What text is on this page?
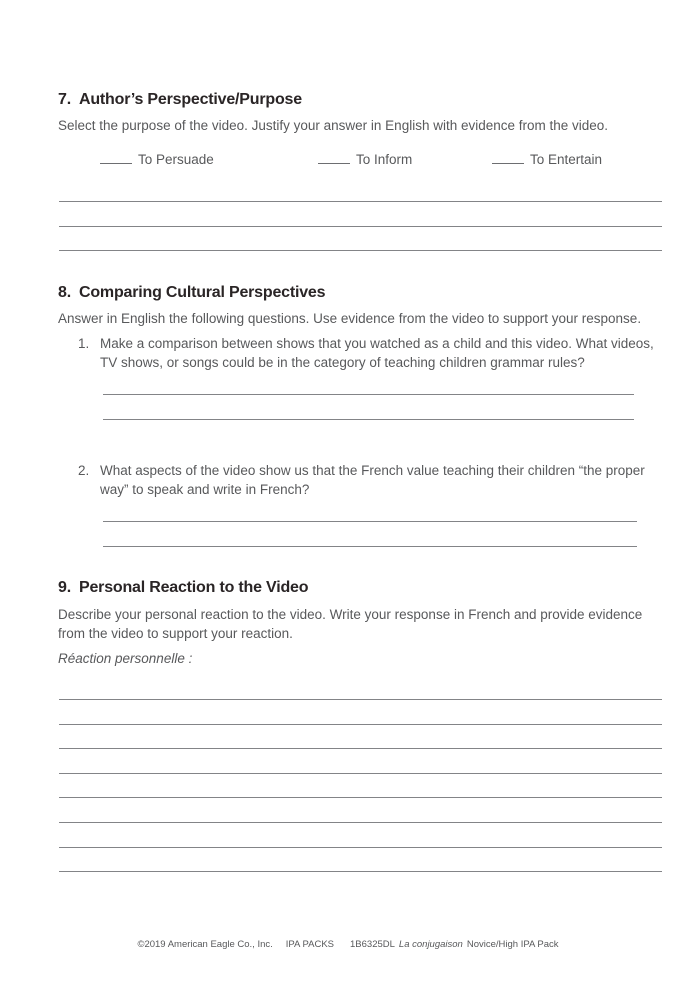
7. Author’s Perspective/Purpose

Select the purpose of the video. Justify your answer in English with evidence from the video.

To Persuade	To Inform	To Entertain
8. Comparing Cultural Perspectives

Answer in English the following questions. Use evidence from the video to support your response.

1. Make a comparison between shows that you watched as a child and this video. What videos, TV shows, or songs could be in the category of teaching children grammar rules?

2. What aspects of the video show us that the French value teaching their children “the proper way” to speak and write in French?

9. Personal Reaction to the Video

Describe your personal reaction to the video. Write your response in French and provide evidence from the video to support your reaction.

Réaction personnelle :

©2019 American Eagle Co., Inc. IPA PACKS 1B6325DL La conjugaison Novice/High IPA Pack
